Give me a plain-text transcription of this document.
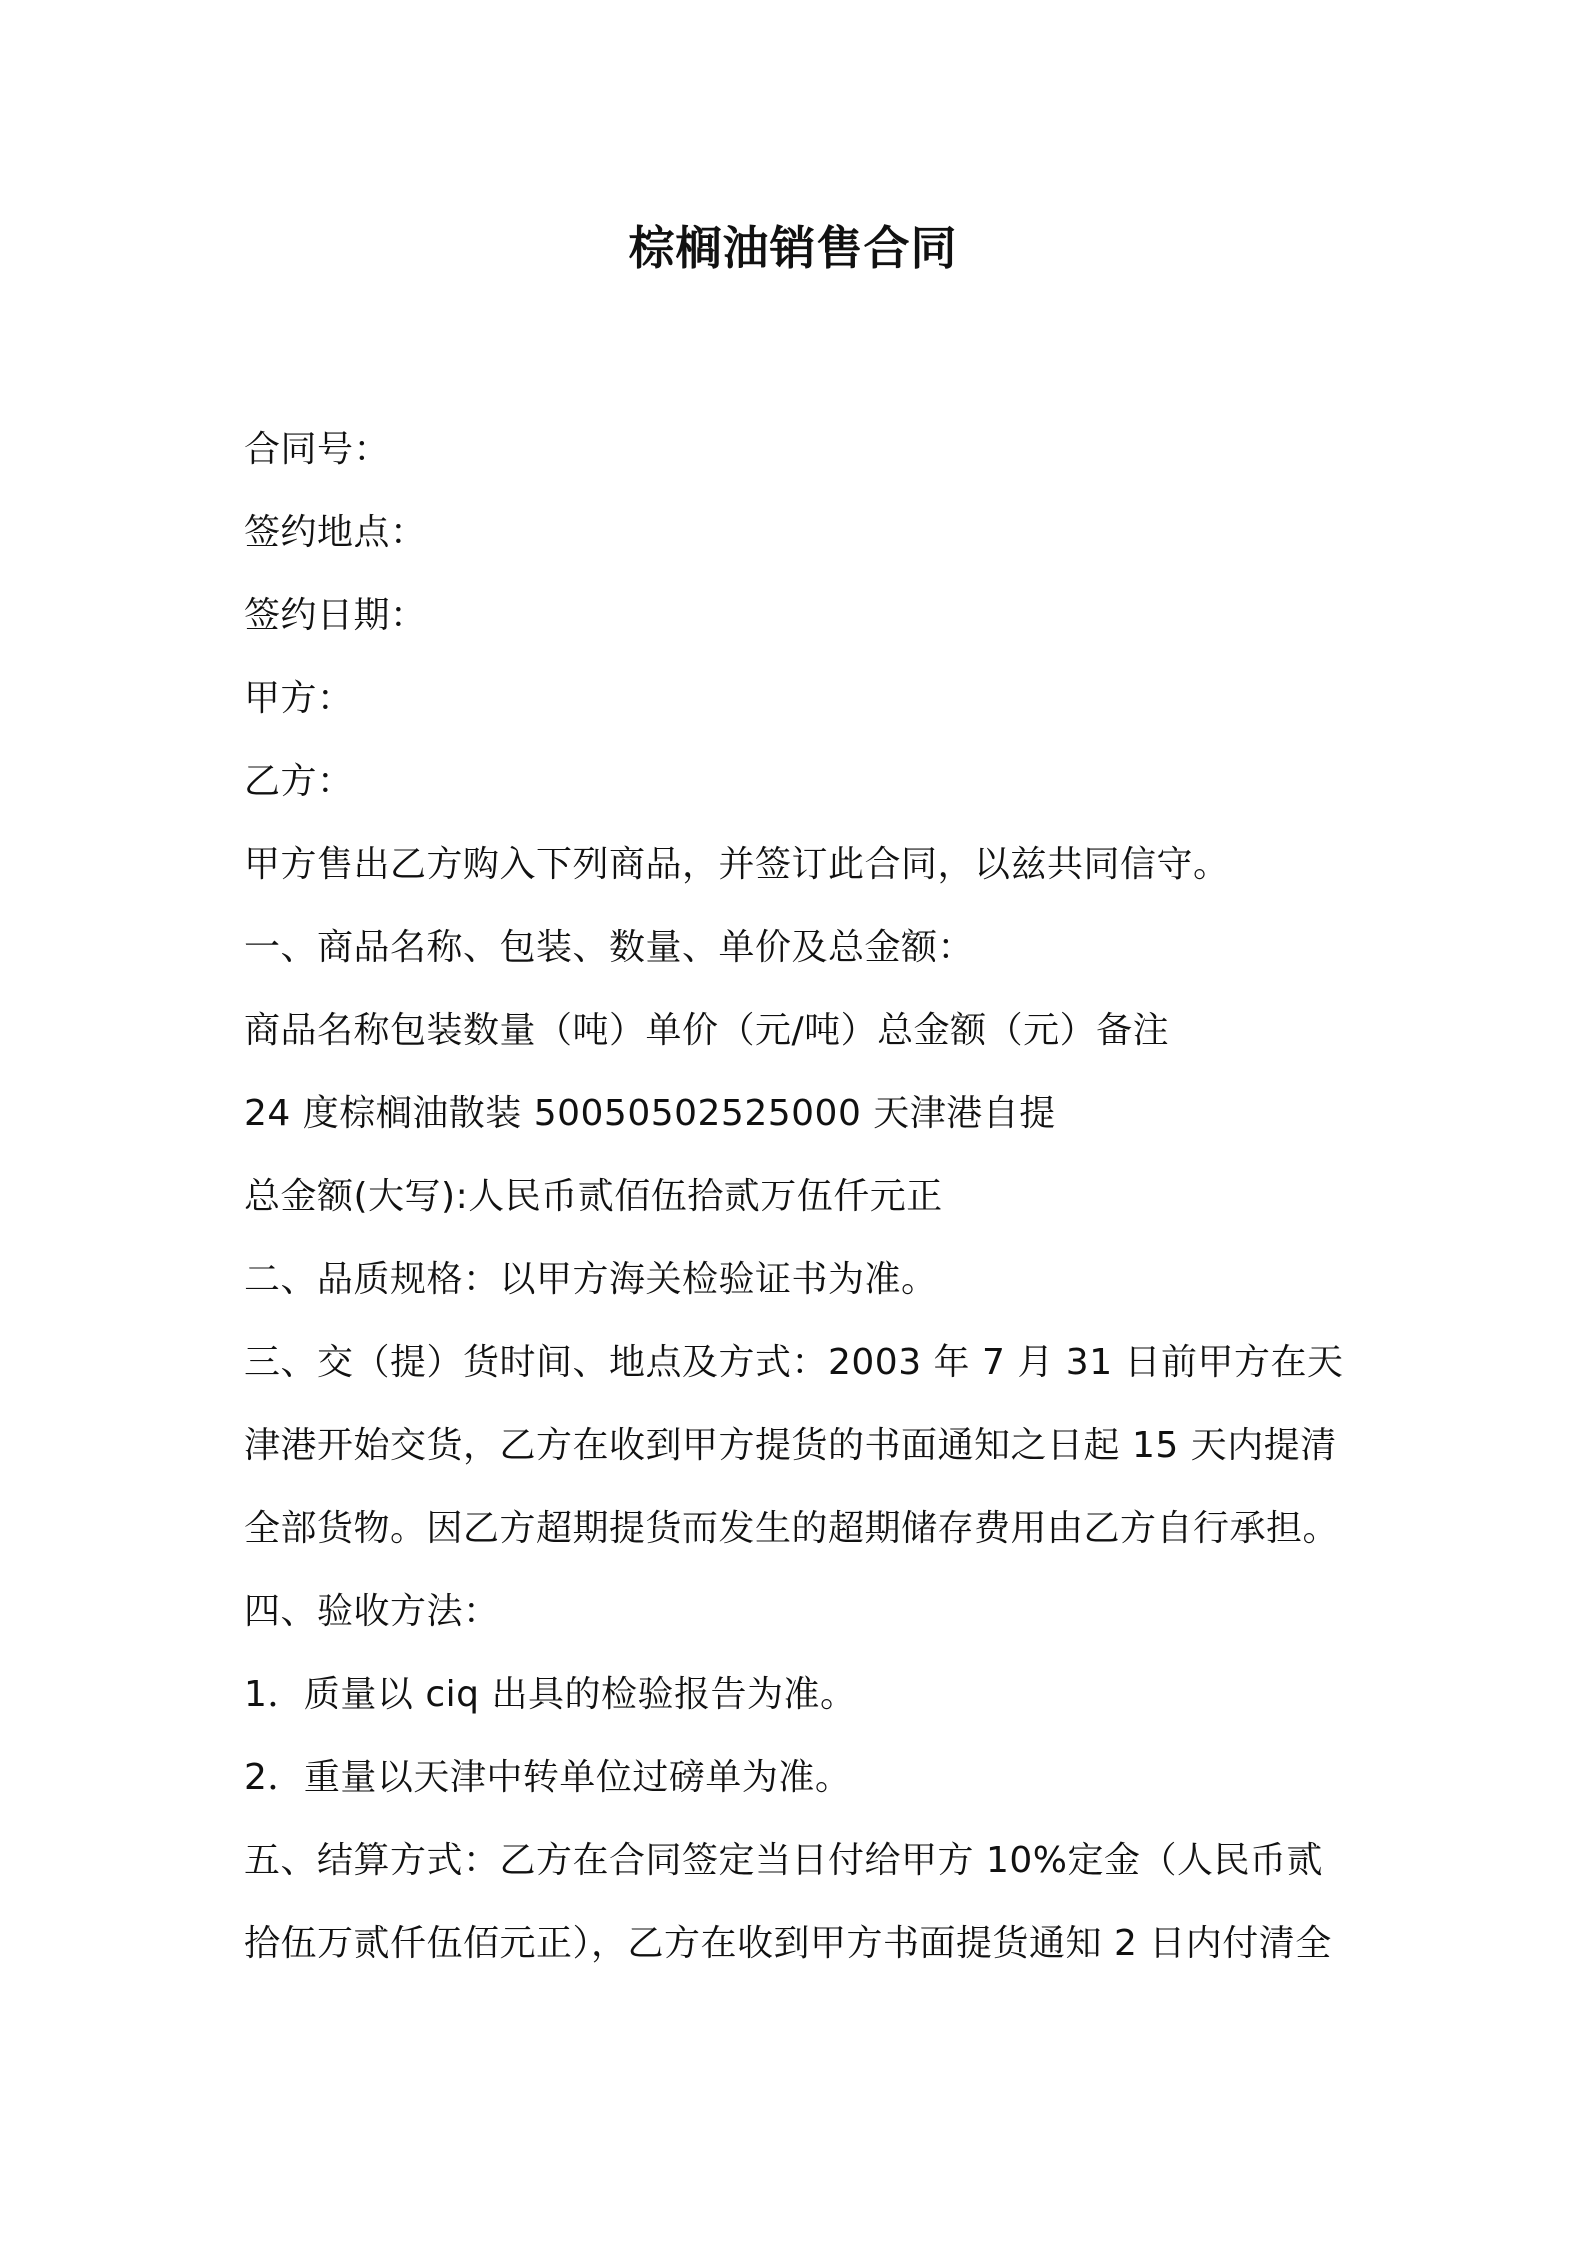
棕榈油销售合同
合同号：
签约地点：
签约日期：
甲方：
乙方：
甲方售出乙方购入下列商品，并签订此合同，以兹共同信守。
一、商品名称、包装、数量、单价及总金额：
商品名称包装数量（吨）单价（元/吨）总金额（元）备注
24 度棕榈油散装 50050502525000 天津港自提
总金额(大写):人民币贰佰伍拾贰万伍仟元正
二、品质规格：以甲方海关检验证书为准。
三、交（提）货时间、地点及方式：2003 年 7 月 31 日前甲方在天
津港开始交货，乙方在收到甲方提货的书面通知之日起 15 天内提清
全部货物。因乙方超期提货而发生的超期储存费用由乙方自行承担。
四、验收方法：
1．质量以 ciq 出具的检验报告为准。
2．重量以天津中转单位过磅单为准。
五、结算方式：乙方在合同签定当日付给甲方 10%定金（人民币贰
拾伍万贰仟伍佰元正），乙方在收到甲方书面提货通知 2 日内付清全
